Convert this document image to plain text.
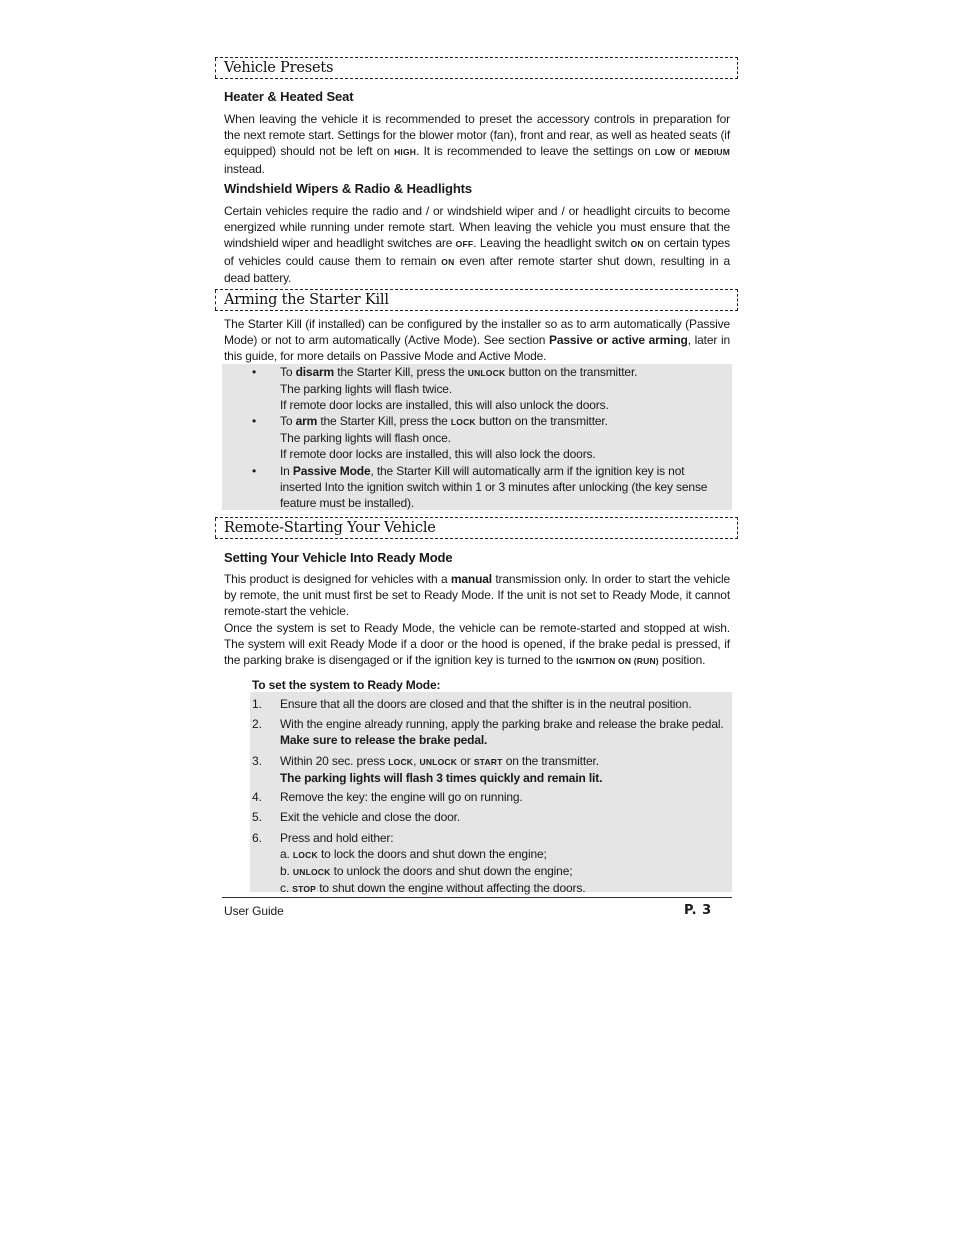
Vehicle Presets
Heater & Heated Seat
When leaving the vehicle it is recommended to preset the accessory controls in preparation for the next remote start. Settings for the blower motor (fan), front and rear, as well as heated seats (if equipped) should not be left on HIGH. It is recommended to leave the settings on LOW or MEDIUM instead.
Windshield Wipers & Radio & Headlights
Certain vehicles require the radio and / or windshield wiper and / or headlight circuits to become energized while running under remote start. When leaving the vehicle you must ensure that the windshield wiper and headlight switches are OFF. Leaving the headlight switch ON on certain types of vehicles could cause them to remain ON even after remote starter shut down, resulting in a dead battery.
Arming the Starter Kill
The Starter Kill (if installed) can be configured by the installer so as to arm automatically (Passive Mode) or not to arm automatically (Active Mode). See section Passive or active arming, later in this guide, for more details on Passive Mode and Active Mode.
• To disarm the Starter Kill, press the UNLOCK button on the transmitter.
The parking lights will flash twice.
If remote door locks are installed, this will also unlock the doors.
• To arm the Starter Kill, press the LOCK button on the transmitter.
The parking lights will flash once.
If remote door locks are installed, this will also lock the doors.
• In Passive Mode, the Starter Kill will automatically arm if the ignition key is not inserted Into the ignition switch within 1 or 3 minutes after unlocking (the key sense feature must be installed).
Remote-Starting Your Vehicle
Setting Your Vehicle Into Ready Mode
This product is designed for vehicles with a manual transmission only. In order to start the vehicle by remote, the unit must first be set to Ready Mode. If the unit is not set to Ready Mode, it cannot remote-start the vehicle.
Once the system is set to Ready Mode, the vehicle can be remote-started and stopped at wish. The system will exit Ready Mode if a door or the hood is opened, if the brake pedal is pressed, if the parking brake is disengaged or if the ignition key is turned to the IGNITION ON (RUN) position.
To set the system to Ready Mode:
1. Ensure that all the doors are closed and that the shifter is in the neutral position.
2. With the engine already running, apply the parking brake and release the brake pedal.
Make sure to release the brake pedal.
3. Within 20 sec. press LOCK, UNLOCK or START on the transmitter.
The parking lights will flash 3 times quickly and remain lit.
4. Remove the key: the engine will go on running.
5. Exit the vehicle and close the door.
6. Press and hold either:
a. LOCK to lock the doors and shut down the engine;
b. UNLOCK to unlock the doors and shut down the engine;
c. STOP to shut down the engine without affecting the doors.
User Guide	P. 3
